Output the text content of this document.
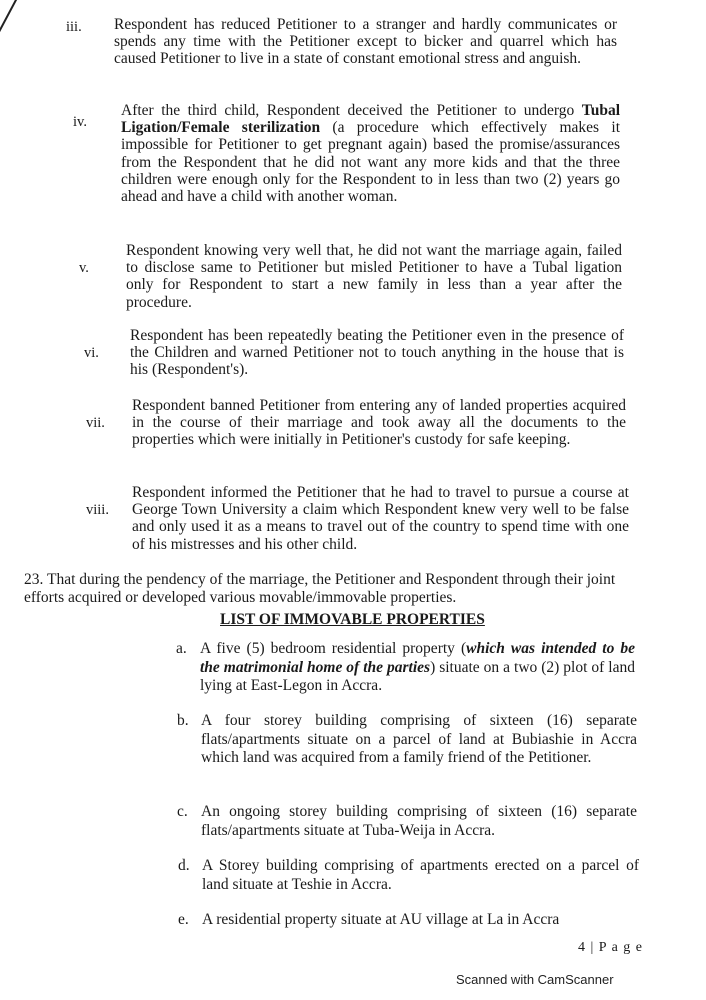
iii. Respondent has reduced Petitioner to a stranger and hardly communicates or spends any time with the Petitioner except to bicker and quarrel which has caused Petitioner to live in a state of constant emotional stress and anguish.
iv.
After the third child, Respondent deceived the Petitioner to undergo Tubal Ligation/Female sterilization (a procedure which effectively makes it impossible for Petitioner to get pregnant again) based the promise/assurances from the Respondent that he did not want any more kids and that the three children were enough only for the Respondent to in less than two (2) years go ahead and have a child with another woman.
v.
Respondent knowing very well that, he did not want the marriage again, failed to disclose same to Petitioner but misled Petitioner to have a Tubal ligation only for Respondent to start a new family in less than a year after the procedure.
vi.
Respondent has been repeatedly beating the Petitioner even in the presence of the Children and warned Petitioner not to touch anything in the house that is his (Respondent's).
vii.
Respondent banned Petitioner from entering any of landed properties acquired in the course of their marriage and took away all the documents to the properties which were initially in Petitioner's custody for safe keeping.
viii.
Respondent informed the Petitioner that he had to travel to pursue a course at George Town University a claim which Respondent knew very well to be false and only used it as a means to travel out of the country to spend time with one of his mistresses and his other child.
23. That during the pendency of the marriage, the Petitioner and Respondent through their joint efforts acquired or developed various movable/immovable properties.
LIST OF IMMOVABLE PROPERTIES
a. A five (5) bedroom residential property (which was intended to be the matrimonial home of the parties) situate on a two (2) plot of land lying at East-Legon in Accra.
b. A four storey building comprising of sixteen (16) separate flats/apartments situate on a parcel of land at Bubiashie in Accra which land was acquired from a family friend of the Petitioner.
c. An ongoing storey building comprising of sixteen (16) separate flats/apartments situate at Tuba-Weija in Accra.
d. A Storey building comprising of apartments erected on a parcel of land situate at Teshie in Accra.
e. A residential property situate at AU village at La in Accra
4 | P a g e
Scanned with CamScanner
